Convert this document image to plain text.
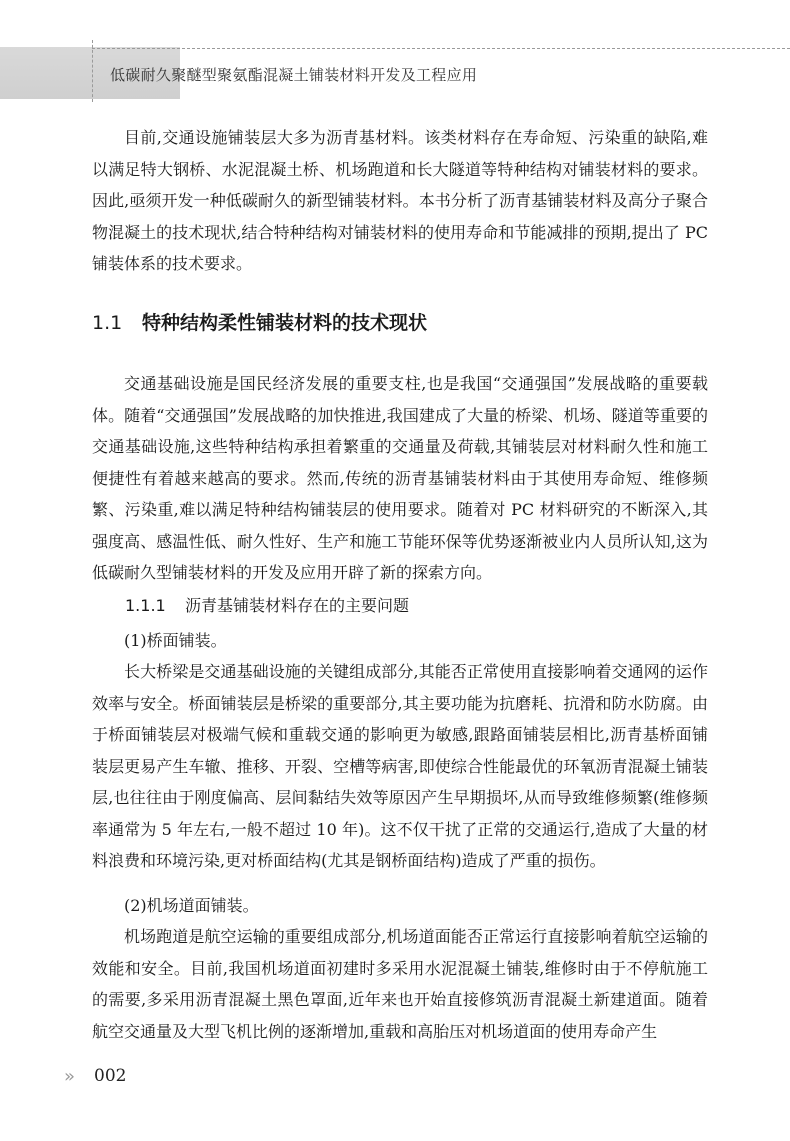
低碳耐久聚醚型聚氨酯混凝土铺装材料开发及工程应用

目前,交通设施铺装层大多为沥青基材料。该类材料存在寿命短、污染重的缺陷,难以满足特大钢桥、水泥混凝土桥、机场跑道和长大隧道等特种结构对铺装材料的要求。因此,亟须开发一种低碳耐久的新型铺装材料。本书分析了沥青基铺装材料及高分子聚合物混凝土的技术现状,结合特种结构对铺装材料的使用寿命和节能减排的预期,提出了 PC 铺装体系的技术要求。

1.1 特种结构柔性铺装材料的技术现状

交通基础设施是国民经济发展的重要支柱,也是我国“交通强国”发展战略的重要载体。随着“交通强国”发展战略的加快推进,我国建成了大量的桥梁、机场、隧道等重要的交通基础设施,这些特种结构承担着繁重的交通量及荷载,其铺装层对材料耐久性和施工便捷性有着越来越高的要求。然而,传统的沥青基铺装材料由于其使用寿命短、维修频繁、污染重,难以满足特种结构铺装层的使用要求。随着对 PC 材料研究的不断深入,其强度高、感温性低、耐久性好、生产和施工节能环保等优势逐渐被业内人员所认知,这为低碳耐久型铺装材料的开发及应用开辟了新的探索方向。

1.1.1 沥青基铺装材料存在的主要问题

(1)桥面铺装。

长大桥梁是交通基础设施的关键组成部分,其能否正常使用直接影响着交通网的运作效率与安全。桥面铺装层是桥梁的重要部分,其主要功能为抗磨耗、抗滑和防水防腐。由于桥面铺装层对极端气候和重载交通的影响更为敏感,跟路面铺装层相比,沥青基桥面铺装层更易产生车辙、推移、开裂、空槽等病害,即使综合性能最优的环氧沥青混凝土铺装层,也往往由于刚度偏高、层间黏结失效等原因产生早期损坏,从而导致维修频繁(维修频率通常为 5 年左右,一般不超过 10 年)。这不仅干扰了正常的交通运行,造成了大量的材料浪费和环境污染,更对桥面结构(尤其是钢桥面结构)造成了严重的损伤。

(2)机场道面铺装。

机场跑道是航空运输的重要组成部分,机场道面能否正常运行直接影响着航空运输的效能和安全。目前,我国机场道面初建时多采用水泥混凝土铺装,维修时由于不停航施工的需要,多采用沥青混凝土黑色罩面,近年来也开始直接修筑沥青混凝土新建道面。随着航空交通量及大型飞机比例的逐渐增加,重载和高胎压对机场道面的使用寿命产生

» 002
